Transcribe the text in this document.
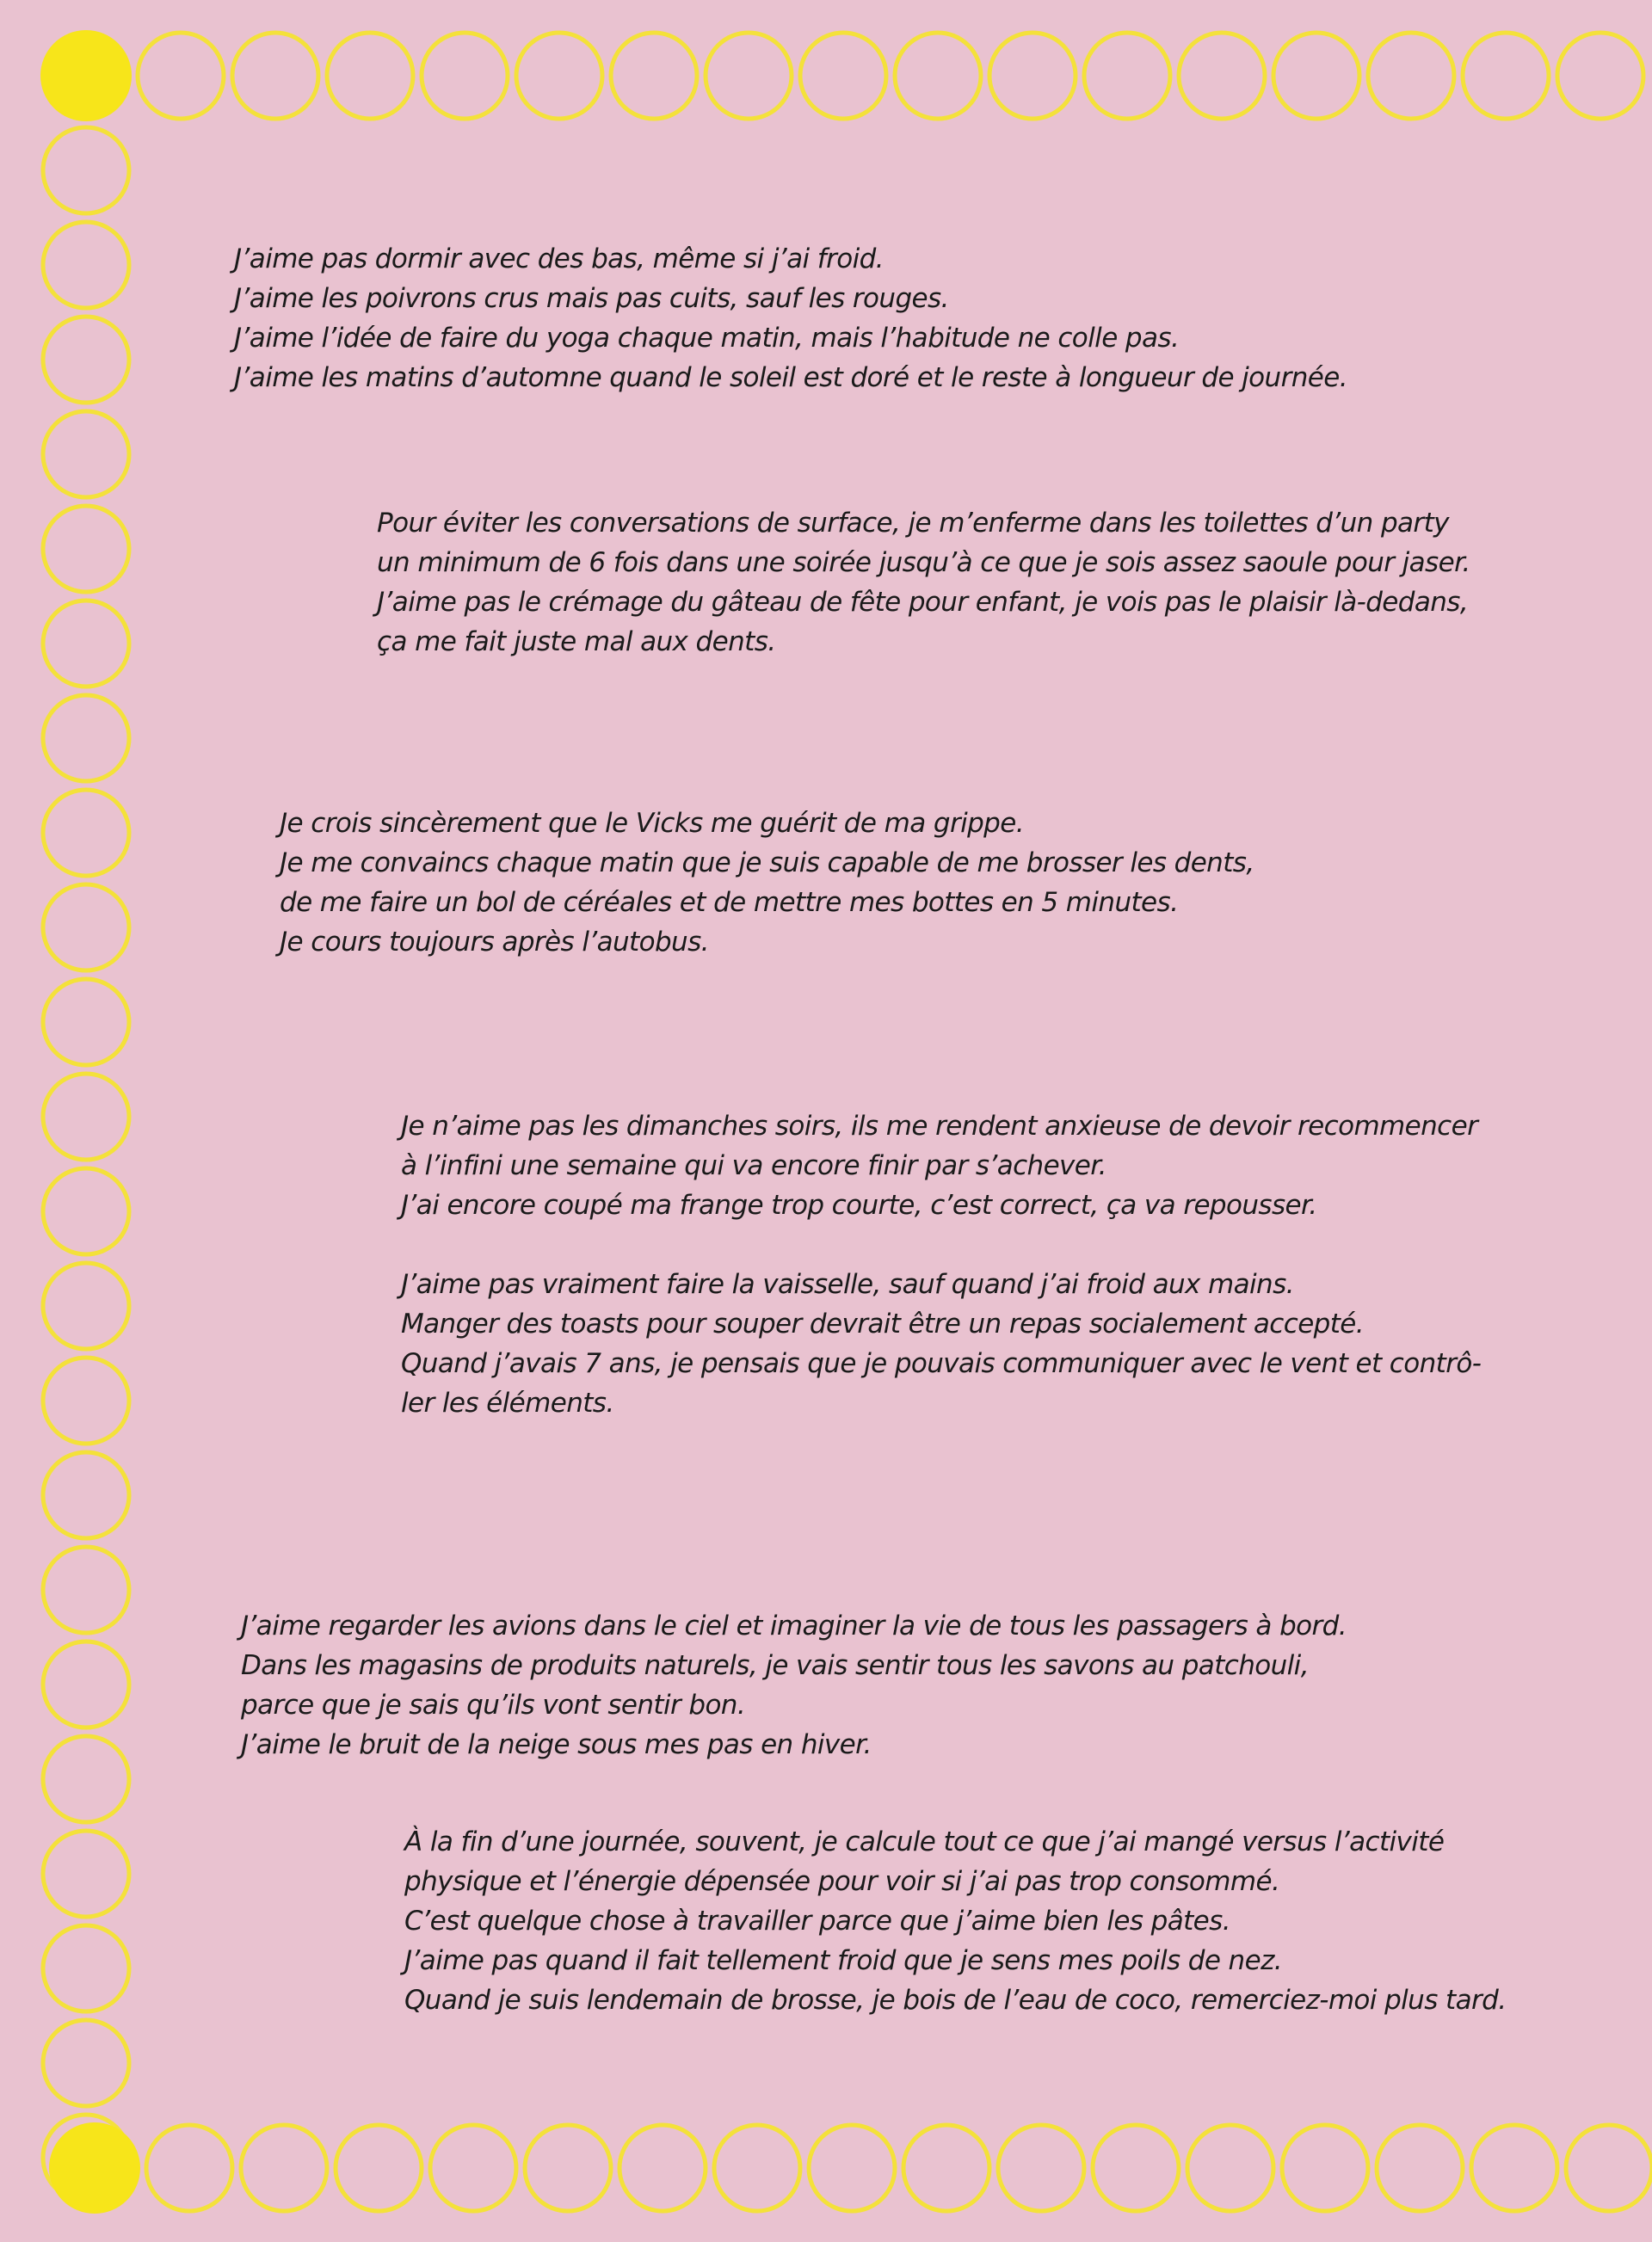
J’aime pas dormir avec des bas, même si j’ai froid.
J’aime les poivrons crus mais pas cuits, sauf les rouges.
J’aime l’idée de faire du yoga chaque matin, mais l’habitude ne colle pas.
J’aime les matins d’automne quand le soleil est doré et le reste à longueur de journée.

Pour éviter les conversations de surface, je m’enferme dans les toilettes d’un party
un minimum de 6 fois dans une soirée jusqu’à ce que je sois assez saoule pour jaser.
J’aime pas le crémage du gâteau de fête pour enfant, je vois pas le plaisir là-dedans,
ça me fait juste mal aux dents.

Je crois sincèrement que le Vicks me guérit de ma grippe.
Je me convaincs chaque matin que je suis capable de me brosser les dents,
de me faire un bol de céréales et de mettre mes bottes en 5 minutes.
Je cours toujours après l’autobus.

Je n’aime pas les dimanches soirs, ils me rendent anxieuse de devoir recommencer
à l’infini une semaine qui va encore finir par s’achever.
J’ai encore coupé ma frange trop courte, c’est correct, ça va repousser.

J’aime pas vraiment faire la vaisselle, sauf quand j’ai froid aux mains.
Manger des toasts pour souper devrait être un repas socialement accepté.
Quand j’avais 7 ans, je pensais que je pouvais communiquer avec le vent et contrô-
ler les éléments.

J’aime regarder les avions dans le ciel et imaginer la vie de tous les passagers à bord.
Dans les magasins de produits naturels, je vais sentir tous les savons au patchouli,
parce que je sais qu’ils vont sentir bon.
J’aime le bruit de la neige sous mes pas en hiver.

À la fin d’une journée, souvent, je calcule tout ce que j’ai mangé versus l’activité
physique et l’énergie dépensée pour voir si j’ai pas trop consommé.
C’est quelque chose à travailler parce que j’aime bien les pâtes.
J’aime pas quand il fait tellement froid que je sens mes poils de nez.
Quand je suis lendemain de brosse, je bois de l’eau de coco, remerciez-moi plus tard.
